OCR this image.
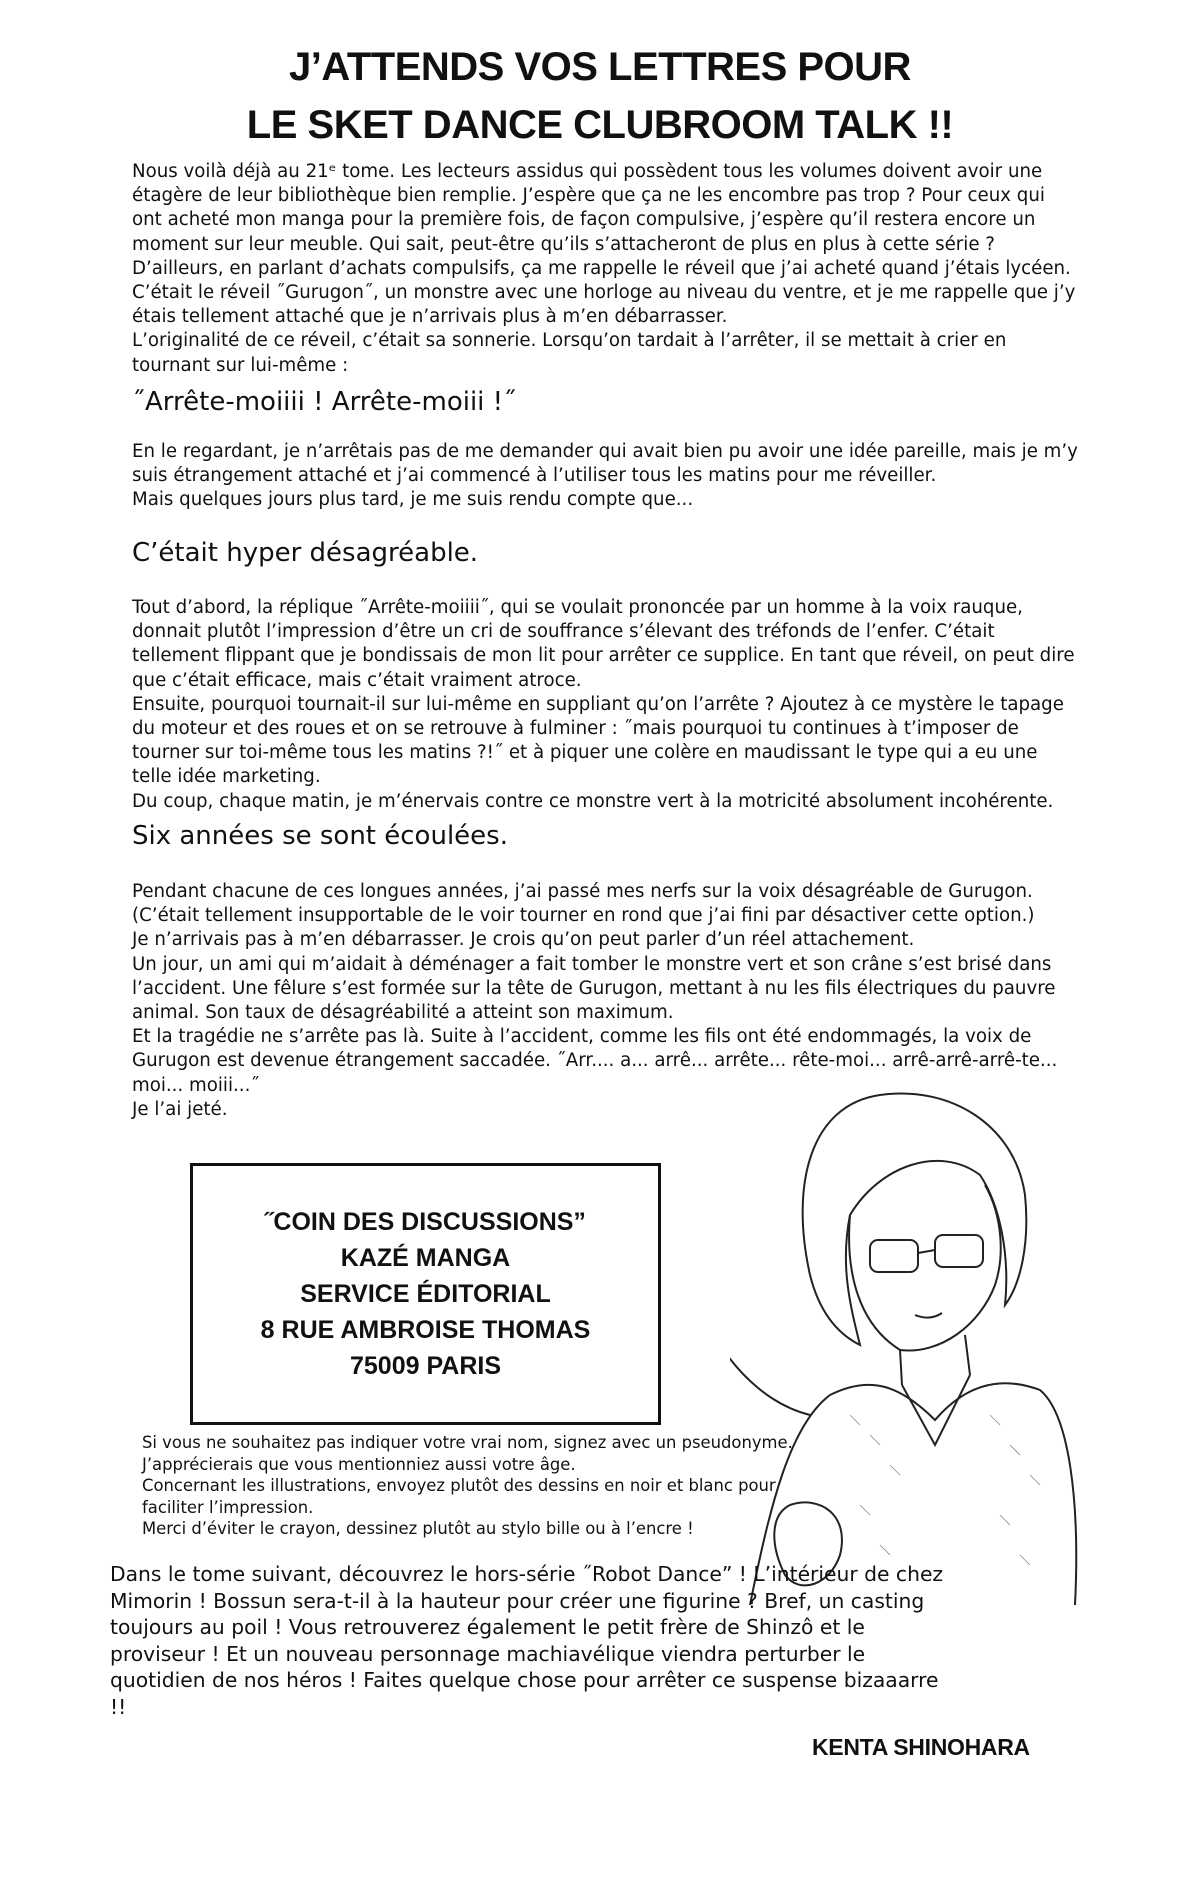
J’ATTENDS VOS LETTRES POUR
LE SKET DANCE CLUBROOM TALK !!

Nous voilà déjà au 21ᵉ tome. Les lecteurs assidus qui possèdent tous les volumes doivent avoir une étagère de leur bibliothèque bien remplie. J’espère que ça ne les encombre pas trop ? Pour ceux qui ont acheté mon manga pour la première fois, de façon compulsive, j’espère qu’il restera encore un moment sur leur meuble. Qui sait, peut-être qu’ils s’attacheront de plus en plus à cette série ?

D’ailleurs, en parlant d’achats compulsifs, ça me rappelle le réveil que j’ai acheté quand j’étais lycéen.

C’était le réveil ˝Gurugon˝, un monstre avec une horloge au niveau du ventre, et je me rappelle que j’y étais tellement attaché que je n’arrivais plus à m’en débarrasser.

L’originalité de ce réveil, c’était sa sonnerie. Lorsqu’on tardait à l’arrêter, il se mettait à crier en tournant sur lui-même :

˝Arrête-moiiii ! Arrête-moiii !˝

En le regardant, je n’arrêtais pas de me demander qui avait bien pu avoir une idée pareille, mais je m’y suis étrangement attaché et j’ai commencé à l’utiliser tous les matins pour me réveiller.

Mais quelques jours plus tard, je me suis rendu compte que...

C’était hyper désagréable.

Tout d’abord, la réplique ˝Arrête-moiiii˝, qui se voulait prononcée par un homme à la voix rauque, donnait plutôt l’impression d’être un cri de souffrance s’élevant des tréfonds de l’enfer. C’était tellement flippant que je bondissais de mon lit pour arrêter ce supplice. En tant que réveil, on peut dire que c’était efficace, mais c’était vraiment atroce.

Ensuite, pourquoi tournait-il sur lui-même en suppliant qu’on l’arrête ? Ajoutez à ce mystère le tapage du moteur et des roues et on se retrouve à fulminer : ˝mais pourquoi tu continues à t’imposer de tourner sur toi-même tous les matins ?!˝ et à piquer une colère en maudissant le type qui a eu une telle idée marketing.

Du coup, chaque matin, je m’énervais contre ce monstre vert à la motricité absolument incohérente.

Six années se sont écoulées.

Pendant chacune de ces longues années, j’ai passé mes nerfs sur la voix désagréable de Gurugon. (C’était tellement insupportable de le voir tourner en rond que j’ai fini par désactiver cette option.)

Je n’arrivais pas à m’en débarrasser. Je crois qu’on peut parler d’un réel attachement.

Un jour, un ami qui m’aidait à déménager a fait tomber le monstre vert et son crâne s’est brisé dans l’accident. Une fêlure s’est formée sur la tête de Gurugon, mettant à nu les fils électriques du pauvre animal. Son taux de désagréabilité a atteint son maximum.

Et la tragédie ne s’arrête pas là. Suite à l’accident, comme les fils ont été endommagés, la voix de Gurugon est devenue étrangement saccadée. ˝Arr.... a... arrê... arrête... rête-moi... arrê-arrê-arrê-te... moi... moiii...˝

Je l’ai jeté.

˝COIN DES DISCUSSIONS”
KAZÉ MANGA
SERVICE ÉDITORIAL
8 RUE AMBROISE THOMAS
75009 PARIS

Si vous ne souhaitez pas indiquer votre vrai nom, signez avec un pseudonyme. J’apprécierais que vous mentionniez aussi votre âge.

Concernant les illustrations, envoyez plutôt des dessins en noir et blanc pour faciliter l’impression.

Merci d’éviter le crayon, dessinez plutôt au stylo bille ou à l’encre !

Dans le tome suivant, découvrez le hors-série ˝Robot Dance” ! L’intérieur de chez Mimorin ! Bossun sera-t-il à la hauteur pour créer une figurine ? Bref, un casting toujours au poil ! Vous retrouverez également le petit frère de Shinzô et le proviseur ! Et un nouveau personnage machiavélique viendra perturber le quotidien de nos héros ! Faites quelque chose pour arrêter ce suspense bizaaarre !!
KENTA SHINOHARA
